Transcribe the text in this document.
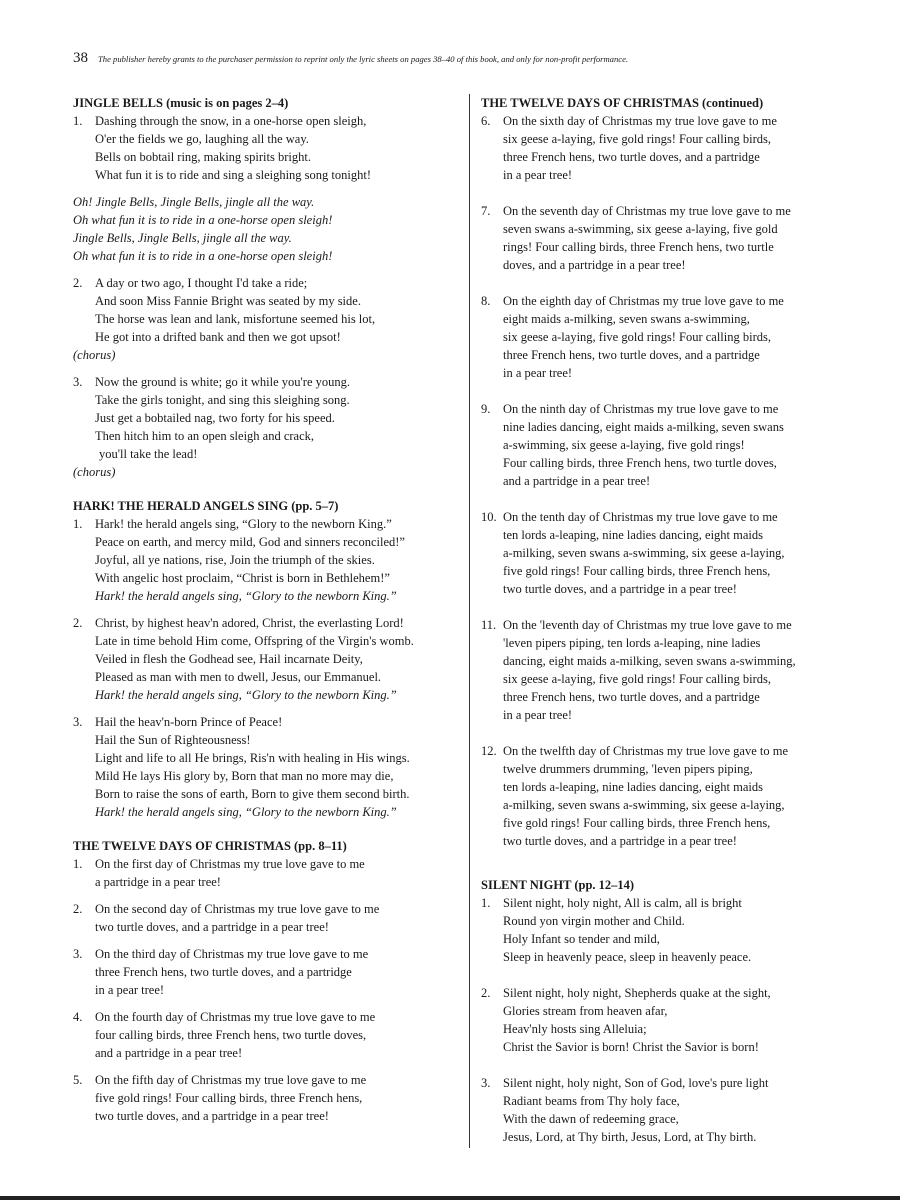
38 The publisher hereby grants to the purchaser permission to reprint only the lyric sheets on pages 38–40 of this book, and only for non-profit performance.

JINGLE BELLS (music is on pages 2–4)

1.	Dashing through the snow, in a one-horse open sleigh,
O'er the fields we go, laughing all the way.
Bells on bobtail ring, making spirits bright.
What fun it is to ride and sing a sleighing song tonight!
Oh! Jingle Bells, Jingle Bells, jingle all the way.
Oh what fun it is to ride in a one-horse open sleigh!
Jingle Bells, Jingle Bells, jingle all the way.
Oh what fun it is to ride in a one-horse open sleigh!
2.	A day or two ago, I thought I'd take a ride;
And soon Miss Fannie Bright was seated by my side.
The horse was lean and lank, misfortune seemed his lot,
He got into a drifted bank and then we got upsot!
(chorus)
3.	Now the ground is white; go it while you're young.
Take the girls tonight, and sing this sleighing song.
Just get a bobtailed nag, two forty for his speed.
Then hitch him to an open sleigh and crack,
you'll take the lead!
(chorus)

HARK! THE HERALD ANGELS SING (pp. 5–7)

1.	Hark! the herald angels sing, “Glory to the newborn King.”
Peace on earth, and mercy mild, God and sinners reconciled!”
Joyful, all ye nations, rise, Join the triumph of the skies.
With angelic host proclaim, “Christ is born in Bethlehem!”
Hark! the herald angels sing, “Glory to the newborn King.”
2.	Christ, by highest heav'n adored, Christ, the everlasting Lord!
Late in time behold Him come, Offspring of the Virgin's womb.
Veiled in flesh the Godhead see, Hail incarnate Deity,
Pleased as man with men to dwell, Jesus, our Emmanuel.
Hark! the herald angels sing, “Glory to the newborn King.”
3.	Hail the heav'n-born Prince of Peace!
Hail the Sun of Righteousness!
Light and life to all He brings, Ris'n with healing in His wings.
Mild He lays His glory by, Born that man no more may die,
Born to raise the sons of earth, Born to give them second birth.
Hark! the herald angels sing, “Glory to the newborn King.”

THE TWELVE DAYS OF CHRISTMAS (pp. 8–11)

1.	On the first day of Christmas my true love gave to me
a partridge in a pear tree!
2.	On the second day of Christmas my true love gave to me
two turtle doves, and a partridge in a pear tree!
3.	On the third day of Christmas my true love gave to me
three French hens, two turtle doves, and a partridge
in a pear tree!
4.	On the fourth day of Christmas my true love gave to me
four calling birds, three French hens, two turtle doves,
and a partridge in a pear tree!
5.	On the fifth day of Christmas my true love gave to me
five gold rings! Four calling birds, three French hens,
two turtle doves, and a partridge in a pear tree!

THE TWELVE DAYS OF CHRISTMAS (continued)

6.	On the sixth day of Christmas my true love gave to me
six geese a-laying, five gold rings! Four calling birds,
three French hens, two turtle doves, and a partridge
in a pear tree!
7.	On the seventh day of Christmas my true love gave to me
seven swans a-swimming, six geese a-laying, five gold
rings! Four calling birds, three French hens, two turtle
doves, and a partridge in a pear tree!
8.	On the eighth day of Christmas my true love gave to me
eight maids a-milking, seven swans a-swimming,
six geese a-laying, five gold rings! Four calling birds,
three French hens, two turtle doves, and a partridge
in a pear tree!
9.	On the ninth day of Christmas my true love gave to me
nine ladies dancing, eight maids a-milking, seven swans
a-swimming, six geese a-laying, five gold rings!
Four calling birds, three French hens, two turtle doves,
and a partridge in a pear tree!
10. On the tenth day of Christmas my true love gave to me
ten lords a-leaping, nine ladies dancing, eight maids
a-milking, seven swans a-swimming, six geese a-laying,
five gold rings! Four calling birds, three French hens,
two turtle doves, and a partridge in a pear tree!
11. On the 'leventh day of Christmas my true love gave to me
'leven pipers piping, ten lords a-leaping, nine ladies
dancing, eight maids a-milking, seven swans a-swimming,
six geese a-laying, five gold rings! Four calling birds,
three French hens, two turtle doves, and a partridge
in a pear tree!
12. On the twelfth day of Christmas my true love gave to me
twelve drummers drumming, 'leven pipers piping,
ten lords a-leaping, nine ladies dancing, eight maids
a-milking, seven swans a-swimming, six geese a-laying,
five gold rings! Four calling birds, three French hens,
two turtle doves, and a partridge in a pear tree!

SILENT NIGHT (pp. 12–14)

1.	Silent night, holy night, All is calm, all is bright
Round yon virgin mother and Child.
Holy Infant so tender and mild,
Sleep in heavenly peace, sleep in heavenly peace.
2.	Silent night, holy night, Shepherds quake at the sight,
Glories stream from heaven afar,
Heav'nly hosts sing Alleluia;
Christ the Savior is born! Christ the Savior is born!
3.	Silent night, holy night, Son of God, love's pure light
Radiant beams from Thy holy face,
With the dawn of redeeming grace,
Jesus, Lord, at Thy birth, Jesus, Lord, at Thy birth.
